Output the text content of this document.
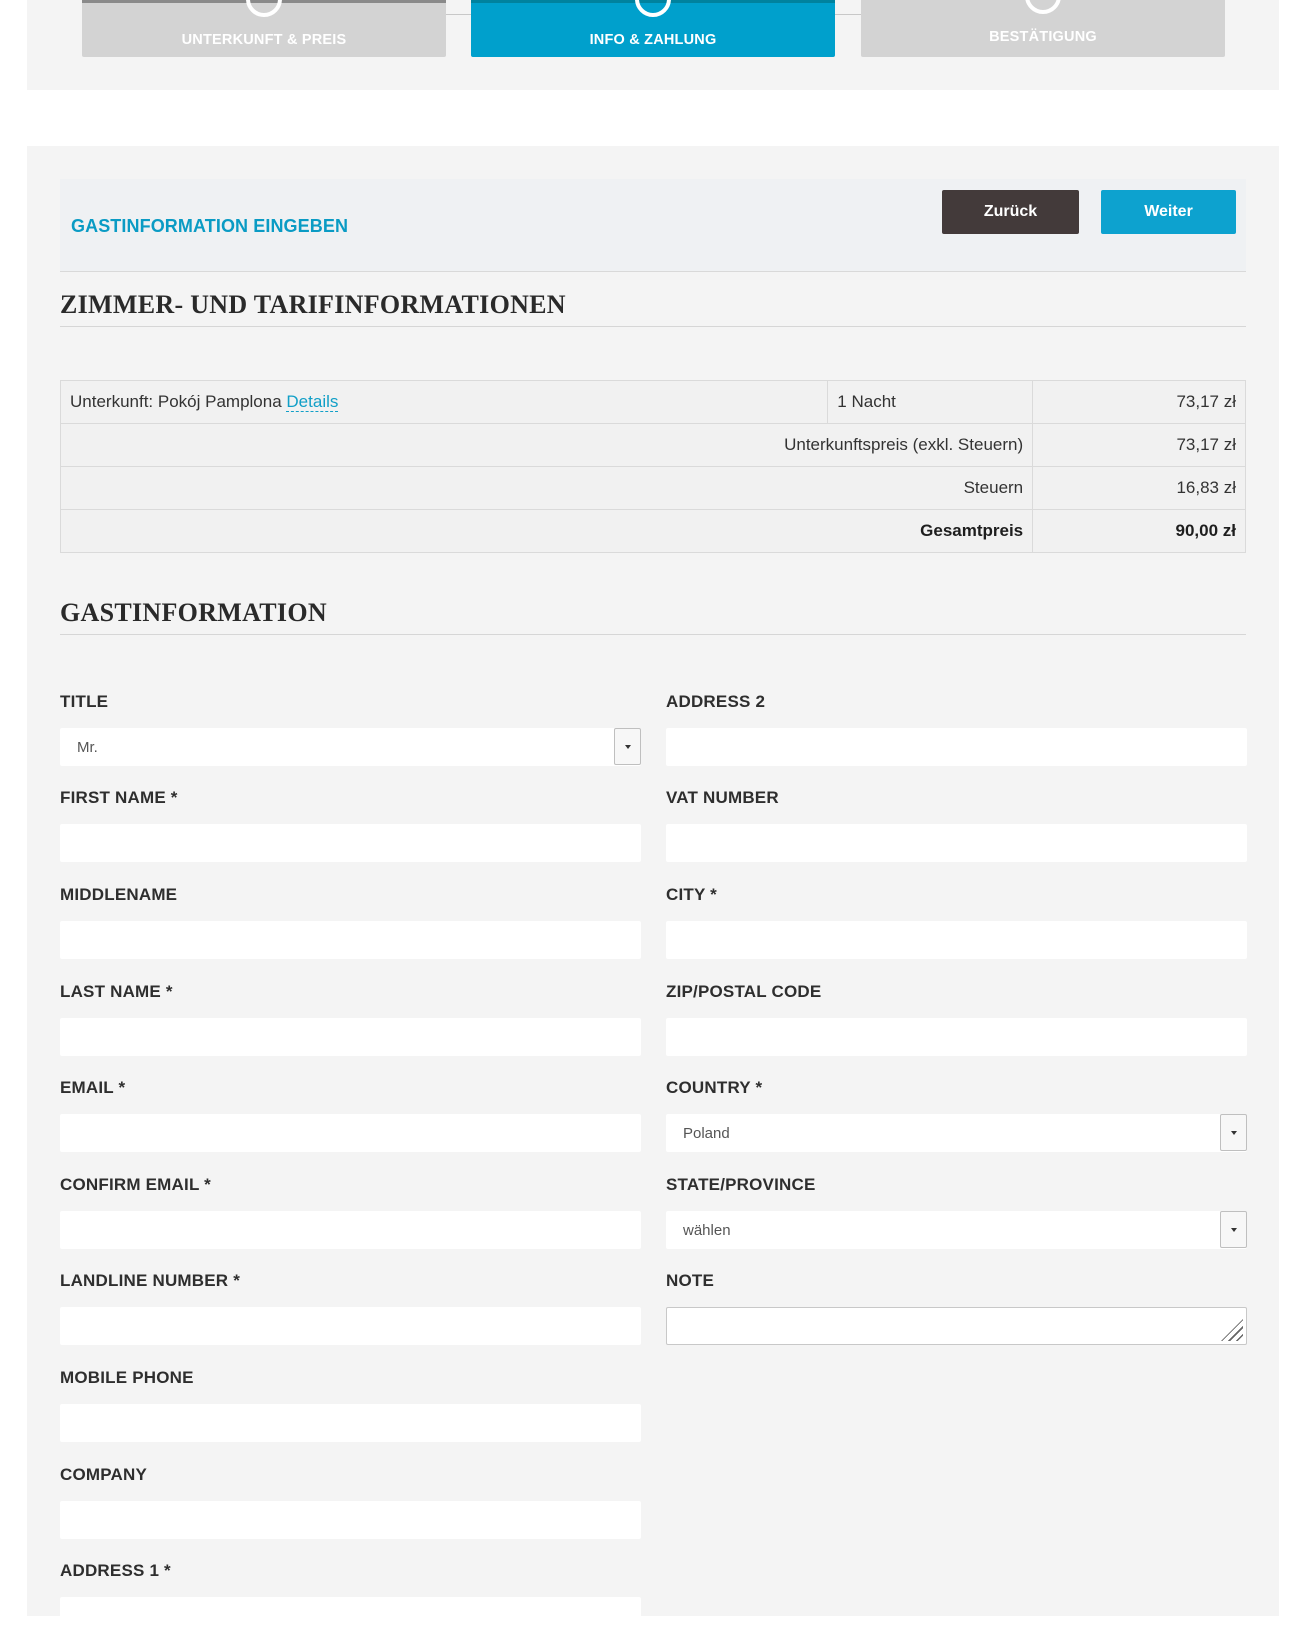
UNTERKUNFT & PREIS	INFO & ZAHLUNG	BESTÄTIGUNG
GASTINFORMATION EINGEBEN
Zurück	Weiter
ZIMMER- UND TARIFINFORMATIONEN
Unterkunft: Pokój Pamplona Details	1 Nacht	73,17 zł
Unterkunftspreis (exkl. Steuern)		73,17 zł
Steuern		16,83 zł
Gesamtpreis		90,00 zł
GASTINFORMATION
TITLE
Mr.
FIRST NAME *
MIDDLENAME
LAST NAME *
EMAIL *
CONFIRM EMAIL *
LANDLINE NUMBER *
MOBILE PHONE
COMPANY
ADDRESS 1 *
ADDRESS 2
VAT NUMBER
CITY *
ZIP/POSTAL CODE
COUNTRY *
Poland
STATE/PROVINCE
wählen
NOTE
